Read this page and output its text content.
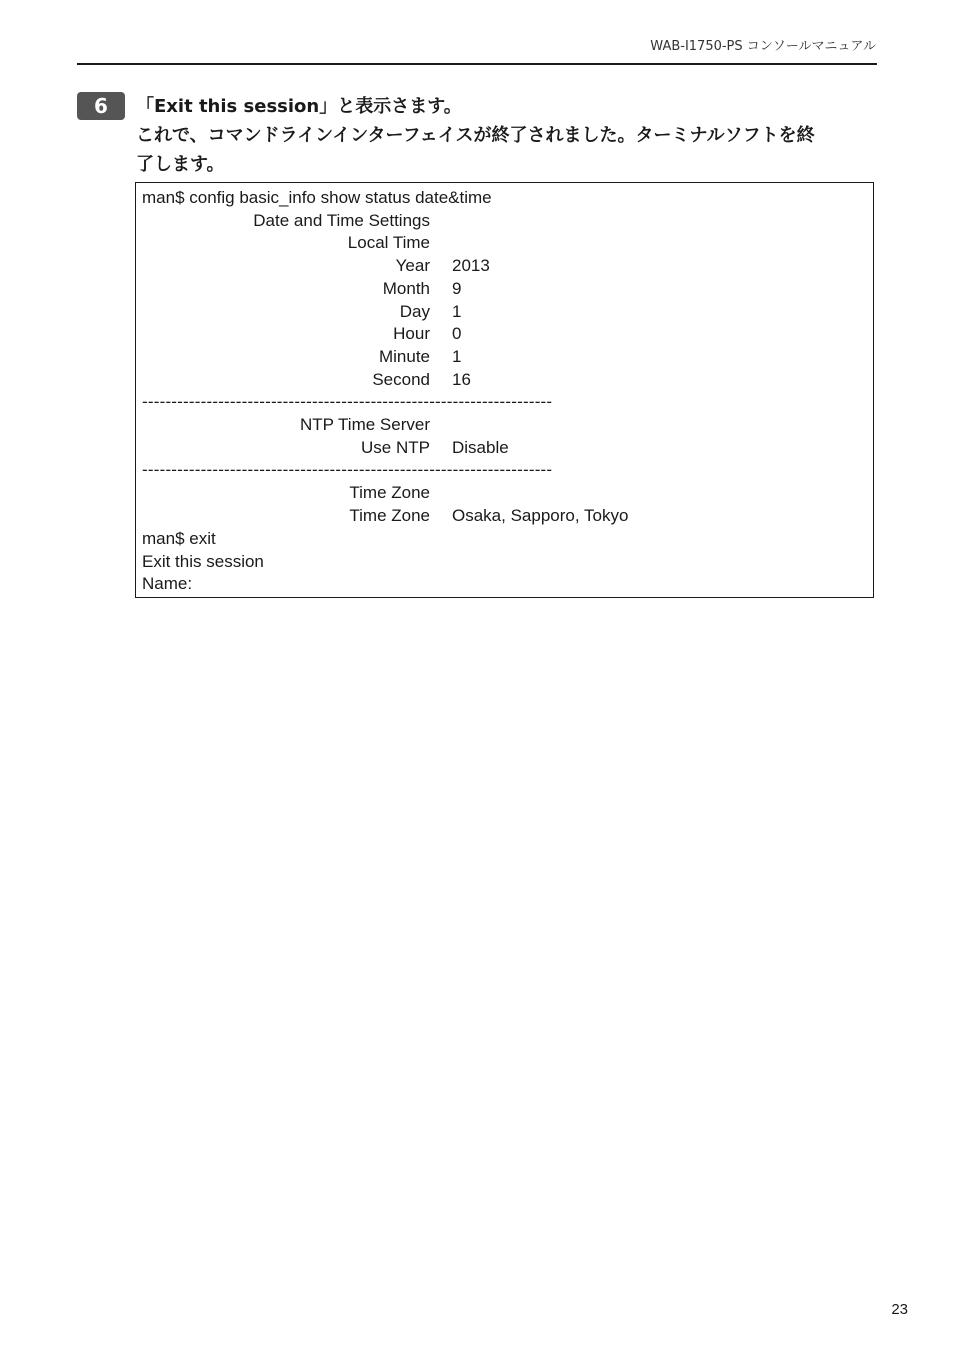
WAB-I1750-PS コンソールマニュアル
6	「Exit this session」と表示さます。
これで、コマンドラインインターフェイスが終了されました。ターミナルソフトを終
了します。
man$ config basic_info show status date&time
Date and Time Settings
Local Time
Year 2013
Month 9
Day 1
Hour 0
Minute 1
Second 16
----------------------------------------------------------------------
NTP Time Server
Use NTP Disable
----------------------------------------------------------------------
Time Zone
Time Zone Osaka, Sapporo, Tokyo
man$ exit
Exit this session
Name:
23
